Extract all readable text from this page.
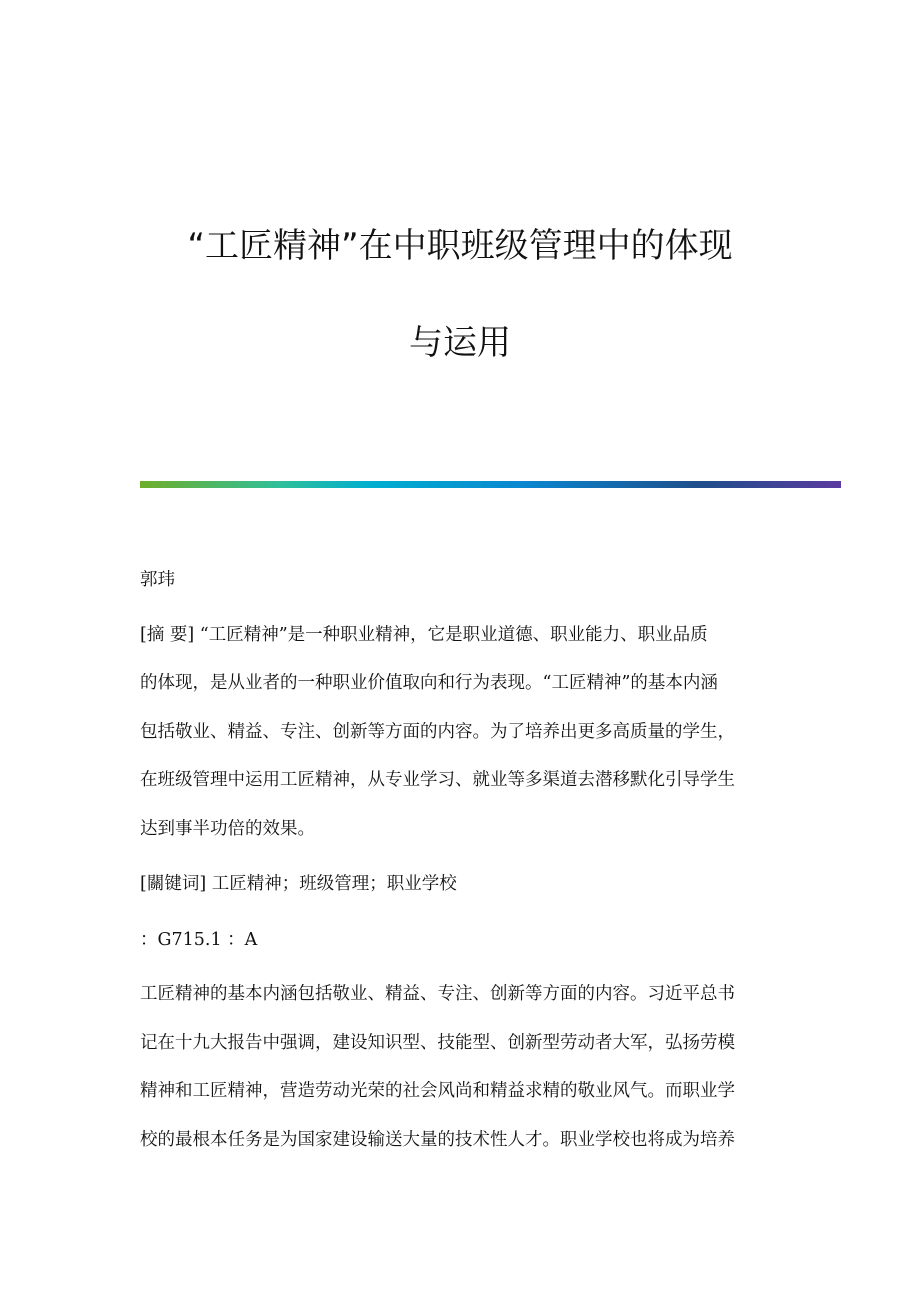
“工匠精神”在中职班级管理中的体现
与运用
郭玮
[摘 要] “工匠精神”是一种职业精神，它是职业道德、职业能力、职业品质
的体现，是从业者的一种职业价值取向和行为表现。“工匠精神”的基本内涵
包括敬业、精益、专注、创新等方面的内容。为了培养出更多高质量的学生，
在班级管理中运用工匠精神，从专业学习、就业等多渠道去潜移默化引导学生
达到事半功倍的效果。
[關键词] 工匠精神；班级管理；职业学校
：G715.1 ：A
工匠精神的基本内涵包括敬业、精益、专注、创新等方面的内容。习近平总书
记在十九大报告中强调，建设知识型、技能型、创新型劳动者大军，弘扬劳模
精神和工匠精神，营造劳动光荣的社会风尚和精益求精的敬业风气。而职业学
校的最根本任务是为国家建设输送大量的技术性人才。职业学校也将成为培养
